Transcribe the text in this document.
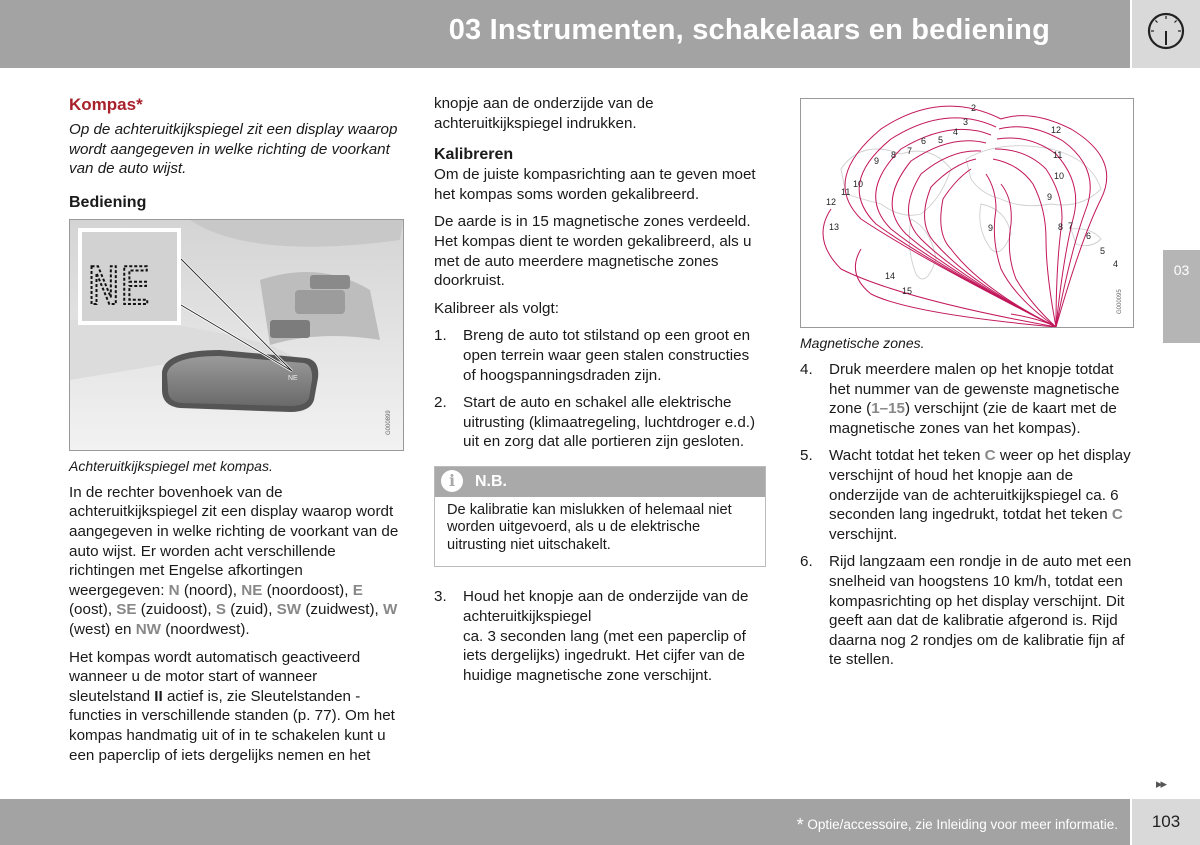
03 Instrumenten, schakelaars en bediening
03
Kompas*

Op de achteruitkijkspiegel zit een display waarop wordt aangegeven in welke richting de voorkant van de auto wijst.

Bediening
NE
NE
G000899
Achteruitkijkspiegel met kompas.

In de rechter bovenhoek van de achteruitkijkspiegel zit een display waarop wordt aangegeven in welke richting de voorkant van de auto wijst. Er worden acht verschillende richtingen met Engelse afkortingen weergegeven: N (noord), NE (noordoost), E (oost), SE (zuidoost), S (zuid), SW (zuidwest), W (west) en NW (noordwest).

Het kompas wordt automatisch geactiveerd wanneer u de motor start of wanneer sleutelstand II actief is, zie Sleutelstanden - functies in verschillende standen (p. 77). Om het kompas handmatig uit of in te schakelen kunt u een paperclip of iets dergelijks nemen en het

knopje aan de onderzijde van de achteruitkijkspiegel indrukken.

Kalibreren

Om de juiste kompasrichting aan te geven moet het kompas soms worden gekalibreerd.

De aarde is in 15 magnetische zones verdeeld. Het kompas dient te worden gekalibreerd, als u met de auto meerdere magnetische zones doorkruist.

Kalibreer als volgt:

1. Breng de auto tot stilstand op een groot en open terrein waar geen stalen constructies of hoogspanningsdraden zijn.
2. Start de auto en schakel alle elektrische uitrusting (klimaatregeling, luchtdroger e.d.) uit en zorg dat alle portieren zijn gesloten.
i	N.B.
De kalibratie kan mislukken of helemaal niet worden uitgevoerd, als u de elektrische uitrusting niet uitschakelt.
3. Houd het knopje aan de onderzijde van de achteruitkijkspiegel
ca. 3 seconden lang (met een paperclip of iets dergelijks) ingedrukt. Het cijfer van de huidige magnetische zone verschijnt.
2
3
4
5
6
7
8
9
10
11
12
12
11
10
9
9	8 7
6
5
4
13
14
15	G000095
Magnetische zones.
4. Druk meerdere malen op het knopje totdat het nummer van de gewenste magnetische zone (1–15) verschijnt (zie de kaart met de magnetische zones van het kompas).
5. Wacht totdat het teken C weer op het display verschijnt of houd het knopje aan de onderzijde van de achteruitkijkspiegel ca. 6 seconden lang ingedrukt, totdat het teken C verschijnt.
6. Rijd langzaam een rondje in de auto met een snelheid van hoogstens 10 km/h, totdat een kompasrichting op het display verschijnt. Dit geeft aan dat de kalibratie afgerond is. Rijd daarna nog 2 rondjes om de kalibratie fijn af te stellen.
▸▸
* Optie/accessoire, zie Inleiding voor meer informatie.	103
